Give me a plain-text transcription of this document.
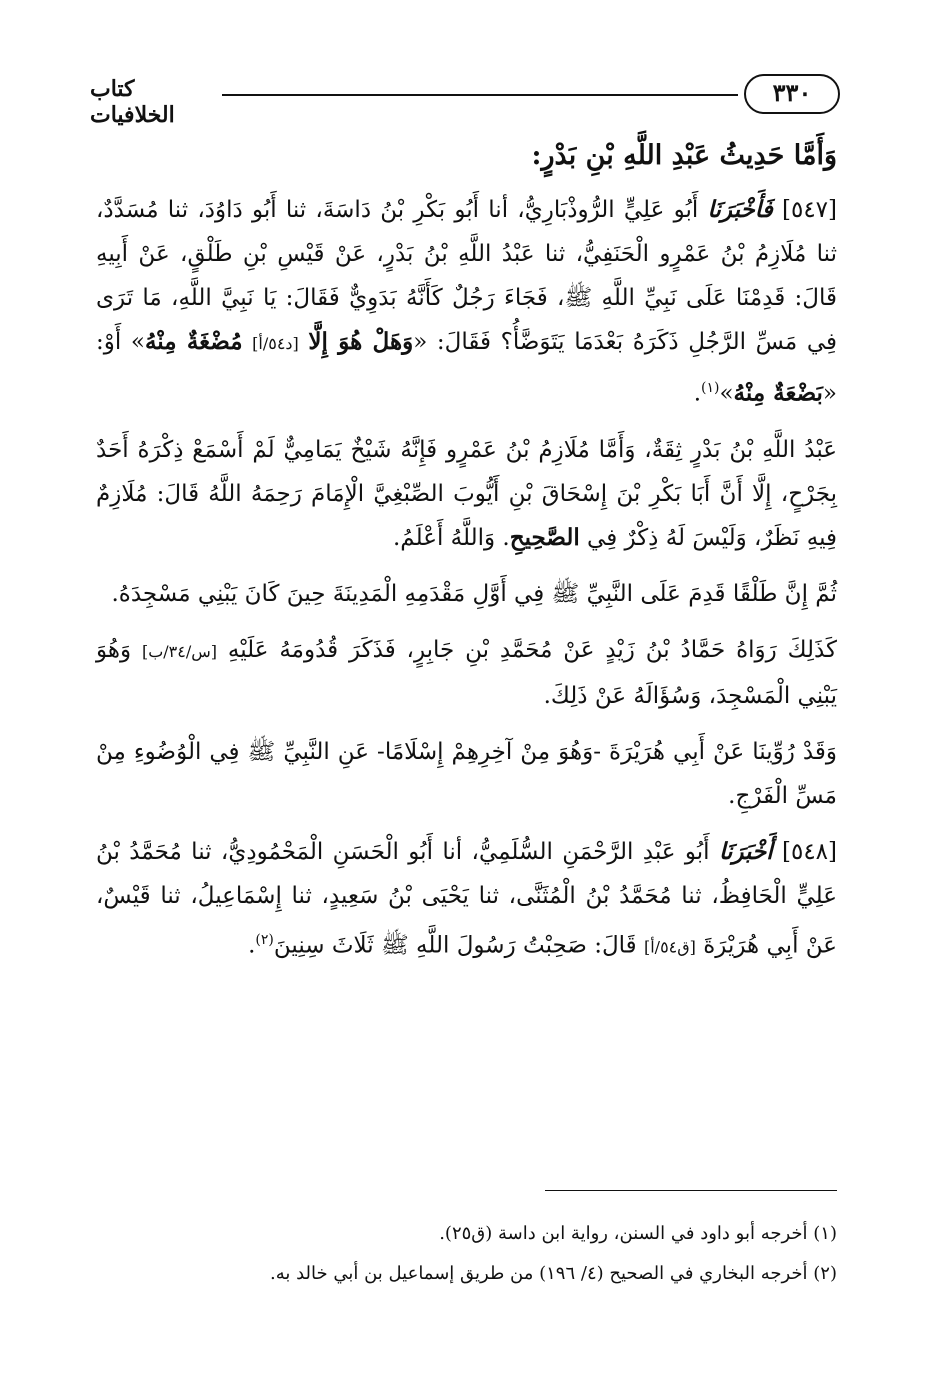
٣٣٠
كتاب الخلافيات

وَأَمَّا حَدِيثُ عَبْدِ اللَّهِ بْنِ بَدْرٍ:

[٥٤٧] فَأَخْبَرَنَا أَبُو عَلِيٍّ الرُّوذْبَارِيُّ، أنا أَبُو بَكْرِ بْنُ دَاسَةَ، ثنا أَبُو دَاوُدَ، ثنا مُسَدَّدٌ، ثنا مُلَازِمُ بْنُ عَمْرٍو الْحَنَفِيُّ، ثنا عَبْدُ اللَّهِ بْنُ بَدْرٍ، عَنْ قَيْسِ بْنِ طَلْقٍ، عَنْ أَبِيهِ قَالَ: قَدِمْنَا عَلَى نَبِيِّ اللَّهِ ﷺ، فَجَاءَ رَجُلٌ كَأَنَّهُ بَدَوِيٌّ فَقَالَ: يَا نَبِيَّ اللَّهِ، مَا تَرَى فِي مَسِّ الرَّجُلِ ذَكَرَهُ بَعْدَمَا يَتَوَضَّأُ؟ فَقَالَ: «وَهَلْ هُوَ إِلَّا [د٥٤/أ] مُضْغَةٌ مِنْهُ» أَوْ: «بَضْعَةٌ مِنْهُ»$^{(١)}$.

عَبْدُ اللَّهِ بْنُ بَدْرٍ ثِقَةٌ، وَأَمَّا مُلَازِمُ بْنُ عَمْرٍو فَإِنَّهُ شَيْخٌ يَمَامِيٌّ لَمْ أَسْمَعْ ذِكْرَهُ أَحَدٌ بِجَرْحٍ، إِلَّا أَنَّ أَبَا بَكْرِ بْنَ إِسْحَاقَ بْنِ أَيُّوبَ الصِّبْغِيَّ الْإِمَامَ رَحِمَهُ اللَّهُ قَالَ: مُلَازِمٌ فِيهِ نَظَرٌ، وَلَيْسَ لَهُ ذِكْرٌ فِي الصَّحِيحِ. وَاللَّهُ أَعْلَمُ.

ثُمَّ إِنَّ طَلْقًا قَدِمَ عَلَى النَّبِيِّ ﷺ فِي أَوَّلِ مَقْدَمِهِ الْمَدِينَةَ حِينَ كَانَ يَبْنِي مَسْجِدَهُ.

كَذَلِكَ رَوَاهُ حَمَّادُ بْنُ زَيْدٍ عَنْ مُحَمَّدِ بْنِ جَابِرٍ، فَذَكَرَ قُدُومَهُ عَلَيْهِ [س/٣٤/ب] وَهُوَ يَبْنِي الْمَسْجِدَ، وَسُؤَالَهُ عَنْ ذَلِكَ.

وَقَدْ رُوِّينَا عَنْ أَبِي هُرَيْرَةَ -وَهُوَ مِنْ آخِرِهِمْ إِسْلَامًا- عَنِ النَّبِيِّ ﷺ فِي الْوُضُوءِ مِنْ مَسِّ الْفَرْجِ.

[٥٤٨] أَخْبَرَنَا أَبُو عَبْدِ الرَّحْمَنِ السُّلَمِيُّ، أنا أَبُو الْحَسَنِ الْمَحْمُودِيُّ، ثنا مُحَمَّدُ بْنُ عَلِيٍّ الْحَافِظُ، ثنا مُحَمَّدُ بْنُ الْمُثَنَّى، ثنا يَحْيَى بْنُ سَعِيدٍ، ثنا إِسْمَاعِيلُ، ثنا قَيْسٌ، عَنْ أَبِي هُرَيْرَةَ [ق٥٤/أ] قَالَ: صَحِبْتُ رَسُولَ اللَّهِ ﷺ ثَلَاثَ سِنِينَ$^{(٢)}$.

(١) أخرجه أبو داود في السنن، رواية ابن داسة (ق٢٥).

(٢) أخرجه البخاري في الصحيح (٤/ ١٩٦) من طريق إسماعيل بن أبي خالد به.
